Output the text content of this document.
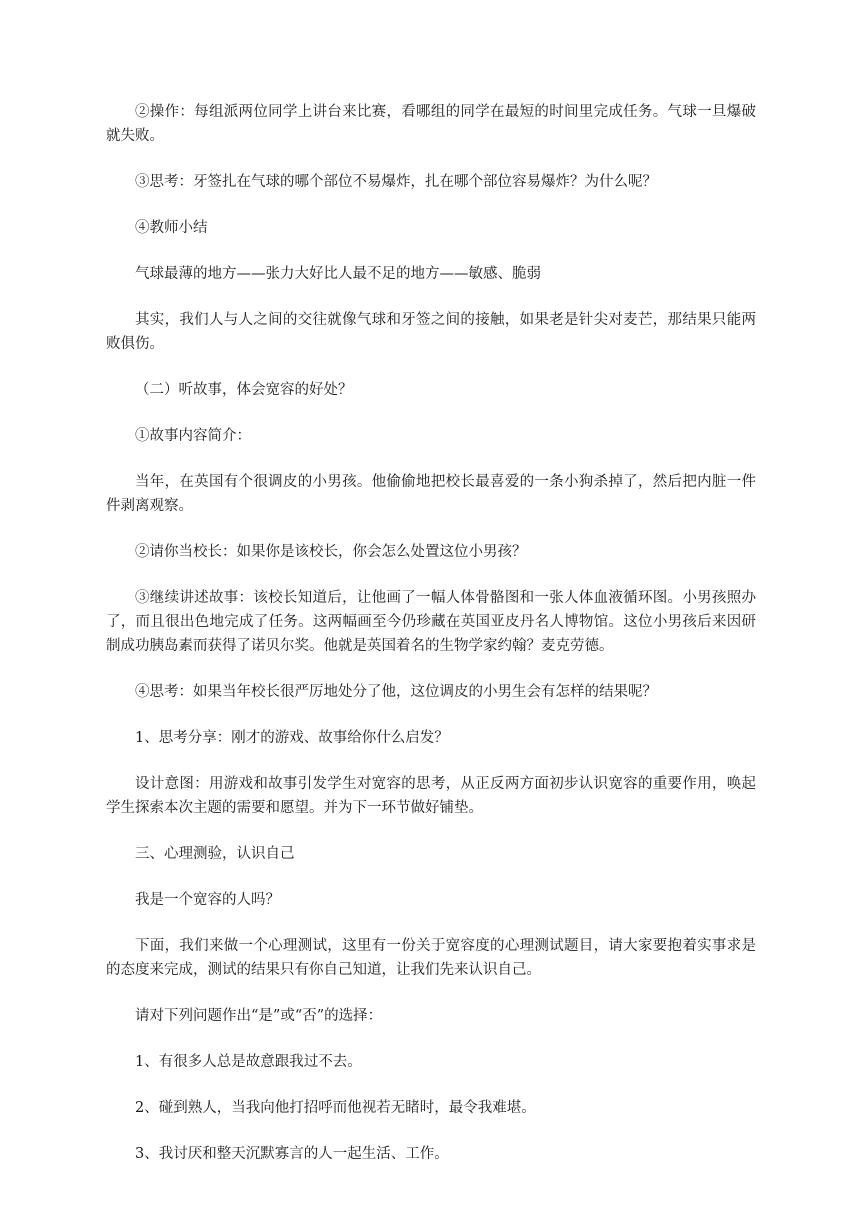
②操作：每组派两位同学上讲台来比赛，看哪组的同学在最短的时间里完成任务。气球一旦爆破就失败。

③思考：牙签扎在气球的哪个部位不易爆炸，扎在哪个部位容易爆炸？为什么呢？

④教师小结

气球最薄的地方——张力大好比人最不足的地方——敏感、脆弱

其实，我们人与人之间的交往就像气球和牙签之间的接触，如果老是针尖对麦芒，那结果只能两败俱伤。

（二）听故事，体会宽容的好处？

①故事内容简介：

当年，在英国有个很调皮的小男孩。他偷偷地把校长最喜爱的一条小狗杀掉了，然后把内脏一件件剥离观察。

②请你当校长：如果你是该校长，你会怎么处置这位小男孩？

③继续讲述故事：该校长知道后，让他画了一幅人体骨骼图和一张人体血液循环图。小男孩照办了，而且很出色地完成了任务。这两幅画至今仍珍藏在英国亚皮丹名人博物馆。这位小男孩后来因研制成功胰岛素而获得了诺贝尔奖。他就是英国着名的生物学家约翰？麦克劳德。

④思考：如果当年校长很严厉地处分了他，这位调皮的小男生会有怎样的结果呢？

1、思考分享：刚才的游戏、故事给你什么启发？

设计意图：用游戏和故事引发学生对宽容的思考，从正反两方面初步认识宽容的重要作用，唤起学生探索本次主题的需要和愿望。并为下一环节做好铺垫。

三、心理测验，认识自己

我是一个宽容的人吗？

下面，我们来做一个心理测试，这里有一份关于宽容度的心理测试题目，请大家要抱着实事求是的态度来完成，测试的结果只有你自己知道，让我们先来认识自己。

请对下列问题作出“是”或“否”的选择：

1、有很多人总是故意跟我过不去。

2、碰到熟人，当我向他打招呼而他视若无睹时，最令我难堪。

3、我讨厌和整天沉默寡言的人一起生活、工作。
